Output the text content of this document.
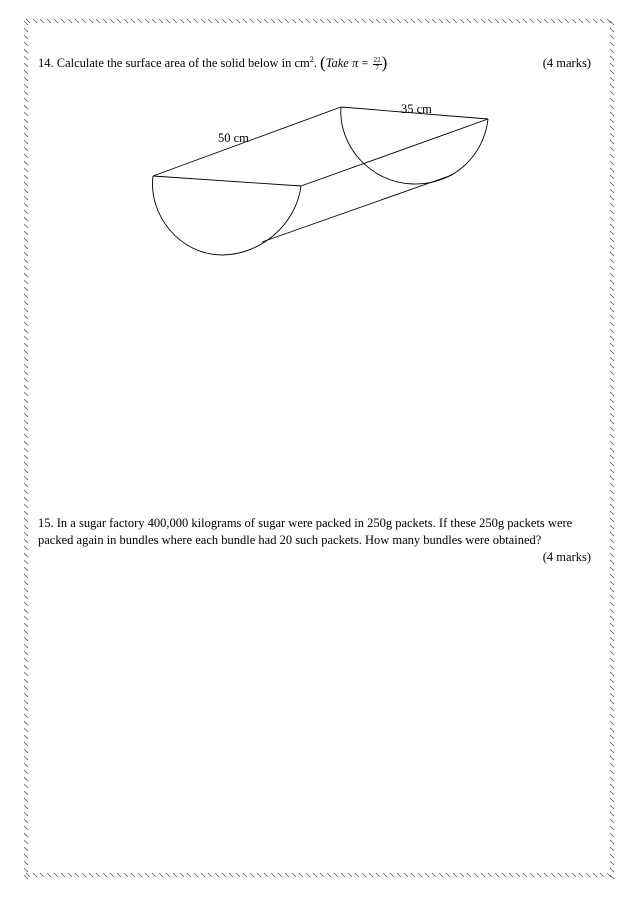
14. Calculate the surface area of the solid below in $cm^2$. (Take $\pi = \frac{22}{7}$ )	(4 marks)
50 cm
35 cm
15. In a sugar factory 400,000 kilograms of sugar were packed in 250g packets. If these 250g packets were
packed again in bundles where each bundle had 20 such packets. How many bundles were obtained?
(4 marks)
